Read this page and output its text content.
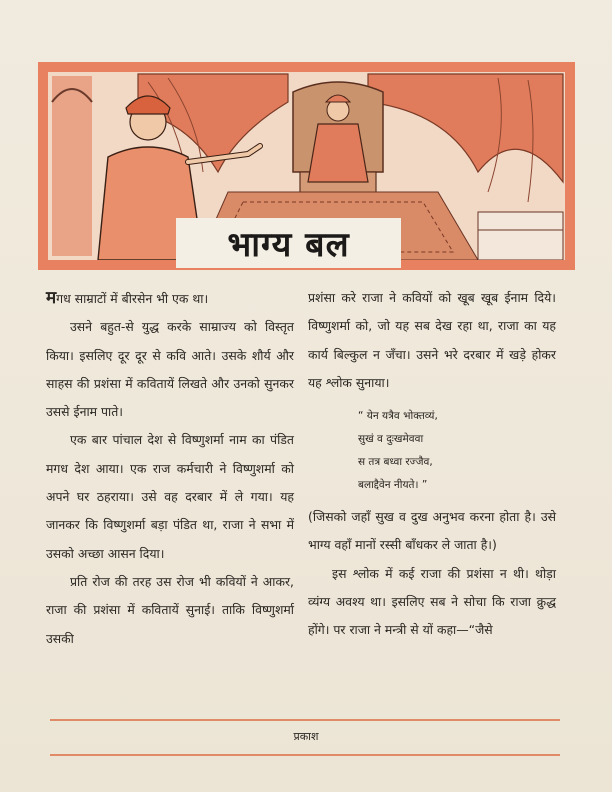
भाग्य बल

मगध साम्राटों में बीरसेन भी एक था।

उसने बहुत-से युद्ध करके साम्राज्य को विस्तृत किया। इसलिए दूर दूर से कवि आते। उसके शौर्य और साहस की प्रशंसा में कवितायें लिखते और उनको सुनकर उससे ईनाम पाते।

एक बार पांचाल देश से विष्णुशर्मा नाम का पंडित मगध देश आया। एक राज कर्मचारी ने विष्णुशर्मा को अपने घर ठहराया। उसे वह दरबार में ले गया। यह जानकर कि विष्णुशर्मा बड़ा पंडित था, राजा ने सभा में उसको अच्छा आसन दिया।

प्रति रोज की तरह उस रोज भी कवियों ने आकर, राजा की प्रशंसा में कवितायें सुनाई। ताकि विष्णुशर्मा उसकी

प्रशंसा करे राजा ने कवियों को खूब खूब ईनाम दिये। विष्णुशर्मा को, जो यह सब देख रहा था, राजा का यह कार्य बिल्कुल न जँचा। उसने भरे दरबार में खड़े होकर यह श्लोक सुनाया।

“ येन यत्रैव भोक्तव्यं,
सुखं व दुःखमेववा
स तत्र बध्वा रज्जैव,
बलाद्दैवेन नीयते। ”

(जिसको जहाँ सुख व दुख अनुभव करना होता है। उसे भाग्य वहाँ मानों रस्सी बाँधकर ले जाता है।)

इस श्लोक में कई राजा की प्रशंसा न थी। थोड़ा व्यंग्य अवश्य था। इसलिए सब ने सोचा कि राजा क्रुद्ध होंगे। पर राजा ने मन्त्री से यों कहा—“जैसे

प्रकाश
